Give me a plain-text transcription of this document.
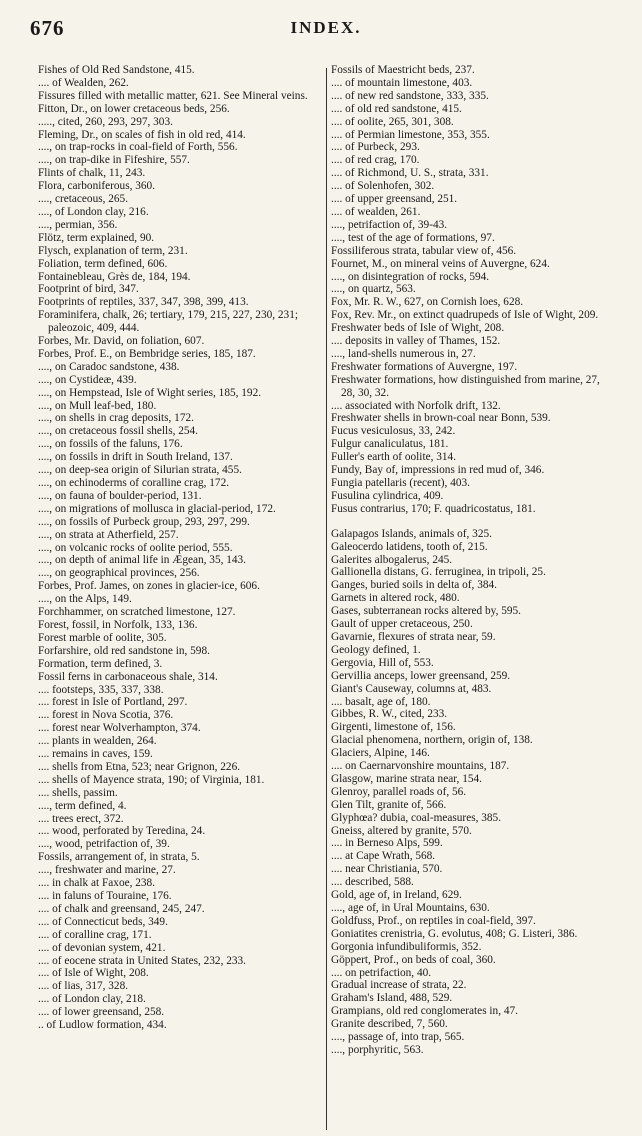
676	INDEX.
Fishes of Old Red Sandstone, 415.
.... of Wealden, 262.
Fissures filled with metallic matter, 621. See Mineral veins.
Fitton, Dr., on lower cretaceous beds, 256.
....., cited, 260, 293, 297, 303.
Fleming, Dr., on scales of fish in old red, 414.
...., on trap-rocks in coal-field of Forth, 556.
...., on trap-dike in Fifeshire, 557.
Flints of chalk, 11, 243.
Flora, carboniferous, 360.
...., cretaceous, 265.
...., of London clay, 216.
...., permian, 356.
Flötz, term explained, 90.
Flysch, explanation of term, 231.
Foliation, term defined, 606.
Fontainebleau, Grès de, 184, 194.
Footprint of bird, 347.
Footprints of reptiles, 337, 347, 398, 399, 413.
Foraminifera, chalk, 26; tertiary, 179, 215, 227, 230, 231; paleozoic, 409, 444.
Forbes, Mr. David, on foliation, 607.
Forbes, Prof. E., on Bembridge series, 185, 187.
...., on Caradoc sandstone, 438.
...., on Cystideæ, 439.
...., on Hempstead, Isle of Wight series, 185, 192.
...., on Mull leaf-bed, 180.
...., on shells in crag deposits, 172.
...., on cretaceous fossil shells, 254.
...., on fossils of the faluns, 176.
...., on fossils in drift in South Ireland, 137.
...., on deep-sea origin of Silurian strata, 455.
...., on echinoderms of coralline crag, 172.
...., on fauna of boulder-period, 131.
...., on migrations of mollusca in glacial-period, 172.
...., on fossils of Purbeck group, 293, 297, 299.
...., on strata at Atherfield, 257.
...., on volcanic rocks of oolite period, 555.
...., on depth of animal life in Ægean, 35, 143.
...., on geographical provinces, 256.
Forbes, Prof. James, on zones in glacier-ice, 606.
...., on the Alps, 149.
Forchhammer, on scratched limestone, 127.
Forest, fossil, in Norfolk, 133, 136.
Forest marble of oolite, 305.
Forfarshire, old red sandstone in, 598.
Formation, term defined, 3.
Fossil ferns in carbonaceous shale, 314.
.... footsteps, 335, 337, 338.
.... forest in Isle of Portland, 297.
.... forest in Nova Scotia, 376.
.... forest near Wolverhampton, 374.
.... plants in wealden, 264.
.... remains in caves, 159.
.... shells from Etna, 523; near Grignon, 226.
.... shells of Mayence strata, 190; of Virginia, 181.
.... shells, passim.
...., term defined, 4.
.... trees erect, 372.
.... wood, perforated by Teredina, 24.
...., wood, petrifaction of, 39.
Fossils, arrangement of, in strata, 5.
...., freshwater and marine, 27.
.... in chalk at Faxoe, 238.
.... in faluns of Touraine, 176.
.... of chalk and greensand, 245, 247.
.... of Connecticut beds, 349.
.... of coralline crag, 171.
.... of devonian system, 421.
.... of eocene strata in United States, 232, 233.
.... of Isle of Wight, 208.
.... of lias, 317, 328.
.... of London clay, 218.
.... of lower greensand, 258.
.. of Ludlow formation, 434.
Fossils of Maestricht beds, 237.
.... of mountain limestone, 403.
.... of new red sandstone, 333, 335.
.... of old red sandstone, 415.
.... of oolite, 265, 301, 308.
.... of Permian limestone, 353, 355.
.... of Purbeck, 293.
.... of red crag, 170.
.... of Richmond, U. S., strata, 331.
.... of Solenhofen, 302.
.... of upper greensand, 251.
.... of wealden, 261.
...., petrifaction of, 39-43.
...., test of the age of formations, 97.
Fossiliferous strata, tabular view of, 456.
Fournet, M., on mineral veins of Auvergne, 624.
...., on disintegration of rocks, 594.
...., on quartz, 563.
Fox, Mr. R. W., 627, on Cornish loes, 628.
Fox, Rev. Mr., on extinct quadrupeds of Isle of Wight, 209.
Freshwater beds of Isle of Wight, 208.
.... deposits in valley of Thames, 152.
...., land-shells numerous in, 27.
Freshwater formations of Auvergne, 197.
Freshwater formations, how distinguished from marine, 27, 28, 30, 32.
.... associated with Norfolk drift, 132.
Freshwater shells in brown-coal near Bonn, 539.
Fucus vesiculosus, 33, 242.
Fulgur canaliculatus, 181.
Fuller's earth of oolite, 314.
Fundy, Bay of, impressions in red mud of, 346.
Fungia patellaris (recent), 403.
Fusulina cylindrica, 409.
Fusus contrarius, 170; F. quadricostatus, 181.
Galapagos Islands, animals of, 325.
Galeocerdo latidens, tooth of, 215.
Galerites albogalerus, 245.
Gallionella distans, G. ferruginea, in tripoli, 25.
Ganges, buried soils in delta of, 384.
Garnets in altered rock, 480.
Gases, subterranean rocks altered by, 595.
Gault of upper cretaceous, 250.
Gavarnie, flexures of strata near, 59.
Geology defined, 1.
Gergovia, Hill of, 553.
Gervillia anceps, lower greensand, 259.
Giant's Causeway, columns at, 483.
.... basalt, age of, 180.
Gibbes, R. W., cited, 233.
Girgenti, limestone of, 156.
Glacial phenomena, northern, origin of, 138.
Glaciers, Alpine, 146.
.... on Caernarvonshire mountains, 187.
Glasgow, marine strata near, 154.
Glenroy, parallel roads of, 56.
Glen Tilt, granite of, 566.
Glyphœa? dubia, coal-measures, 385.
Gneiss, altered by granite, 570.
.... in Berneso Alps, 599.
.... at Cape Wrath, 568.
.... near Christiania, 570.
.... described, 588.
Gold, age of, in Ireland, 629.
...., age of, in Ural Mountains, 630.
Goldfuss, Prof., on reptiles in coal-field, 397.
Goniatites crenistria, G. evolutus, 408; G. Listeri, 386.
Gorgonia infundibuliformis, 352.
Göppert, Prof., on beds of coal, 360.
.... on petrifaction, 40.
Gradual increase of strata, 22.
Graham's Island, 488, 529.
Grampians, old red conglomerates in, 47.
Granite described, 7, 560.
...., passage of, into trap, 565.
...., porphyritic, 563.
